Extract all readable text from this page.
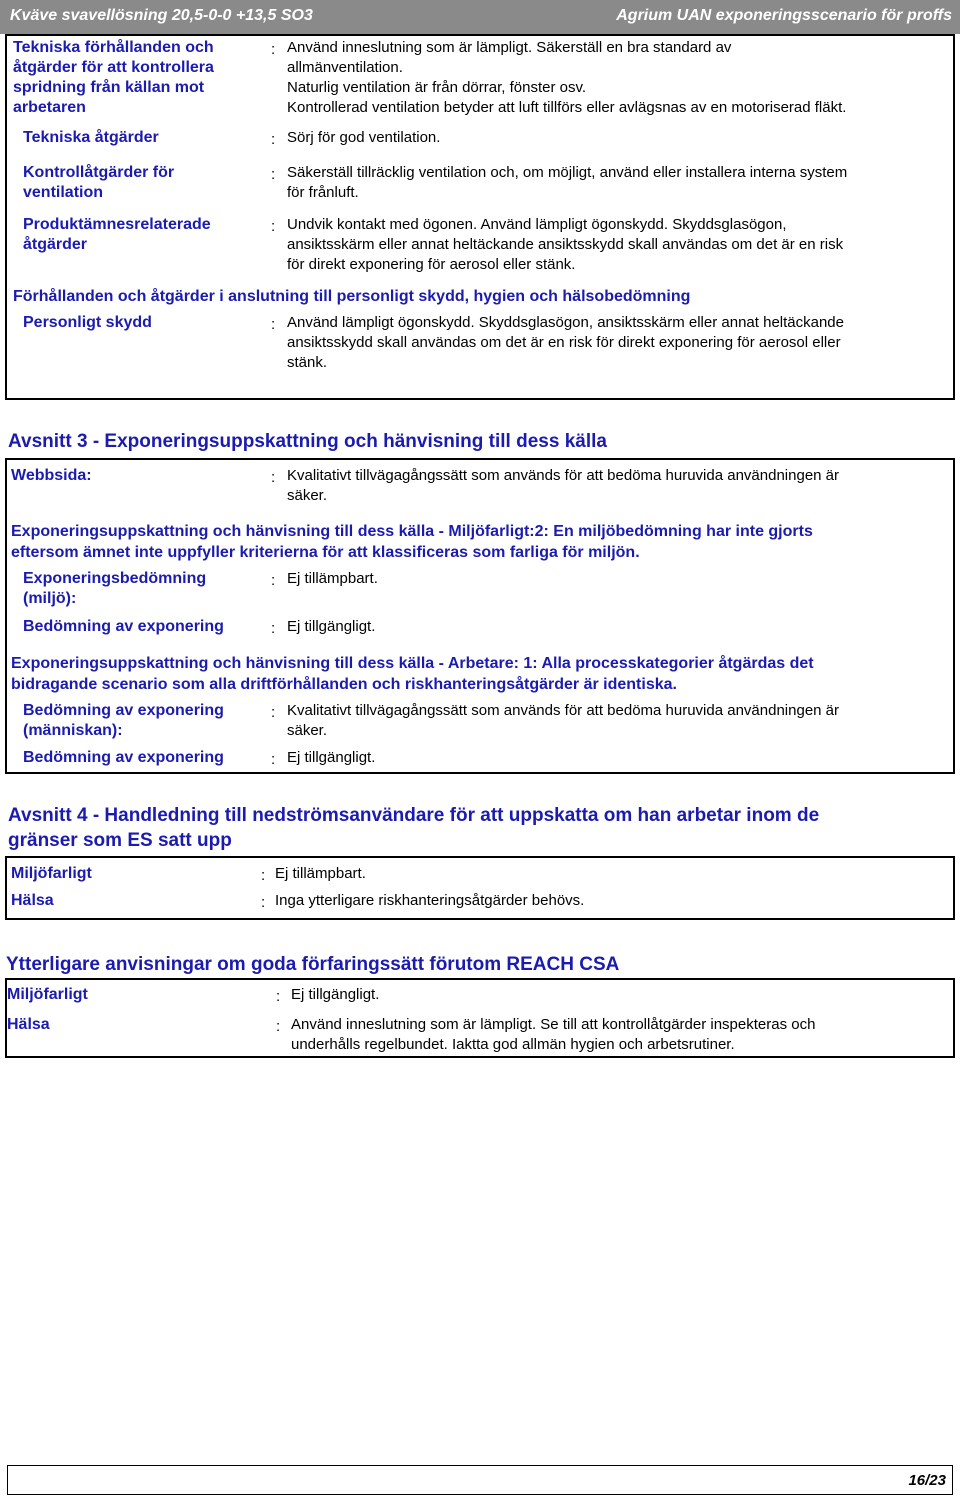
Kväve svavellösning 20,5-0-0 +13,5 SO3	Agrium UAN exponeringsscenario för proffs
Tekniska förhållanden och åtgärder för att kontrollera spridning från källan mot arbetaren
: Använd inneslutning som är lämpligt. Säkerställ en bra standard av
allmänventilation.
Naturlig ventilation är från dörrar, fönster osv.
Kontrollerad ventilation betyder att luft tillförs eller avlägsnas av en motoriserad fläkt.
Tekniska åtgärder	: Sörj för god ventilation.
Kontrollåtgärder för ventilation
: Säkerställ tillräcklig ventilation och, om möjligt, använd eller installera interna system
för frånluft.
Produktämnesrelaterade åtgärder
: Undvik kontakt med ögonen. Använd lämpligt ögonskydd. Skyddsglasögon,
ansiktsskärm eller annat heltäckande ansiktsskydd skall användas om det är en risk
för direkt exponering för aerosol eller stänk.
Förhållanden och åtgärder i anslutning till personligt skydd, hygien och hälsobedömning
Personligt skydd	: Använd lämpligt ögonskydd. Skyddsglasögon, ansiktsskärm eller annat heltäckande
ansiktsskydd skall användas om det är en risk för direkt exponering för aerosol eller
stänk.
Avsnitt 3 - Exponeringsuppskattning och hänvisning till dess källa
Webbsida:	: Kvalitativt tillvägagångssätt som används för att bedöma huruvida användningen är
säker.
Exponeringsuppskattning och hänvisning till dess källa - Miljöfarligt:2: En miljöbedömning har inte gjorts
eftersom ämnet inte uppfyller kriterierna för att klassificeras som farliga för miljön.
Exponeringsbedömning (miljö):
: Ej tillämpbart.
Bedömning av exponering	: Ej tillgängligt.
Exponeringsuppskattning och hänvisning till dess källa - Arbetare: 1: Alla processkategorier åtgärdas det
bidragande scenario som alla driftförhållanden och riskhanteringsåtgärder är identiska.
Bedömning av exponering (människan):
: Kvalitativt tillvägagångssätt som används för att bedöma huruvida användningen är
säker.
Bedömning av exponering	: Ej tillgängligt.
Avsnitt 4 - Handledning till nedströmsanvändare för att uppskatta om han arbetar inom de
gränser som ES satt upp
Miljöfarligt	: Ej tillämpbart.
Hälsa	: Inga ytterligare riskhanteringsåtgärder behövs.
Ytterligare anvisningar om goda förfaringssätt förutom REACH CSA
Miljöfarligt	: Ej tillgängligt.
Hälsa	: Använd inneslutning som är lämpligt. Se till att kontrollåtgärder inspekteras och
underhålls regelbundet. Iaktta god allmän hygien och arbetsrutiner.
16/23
